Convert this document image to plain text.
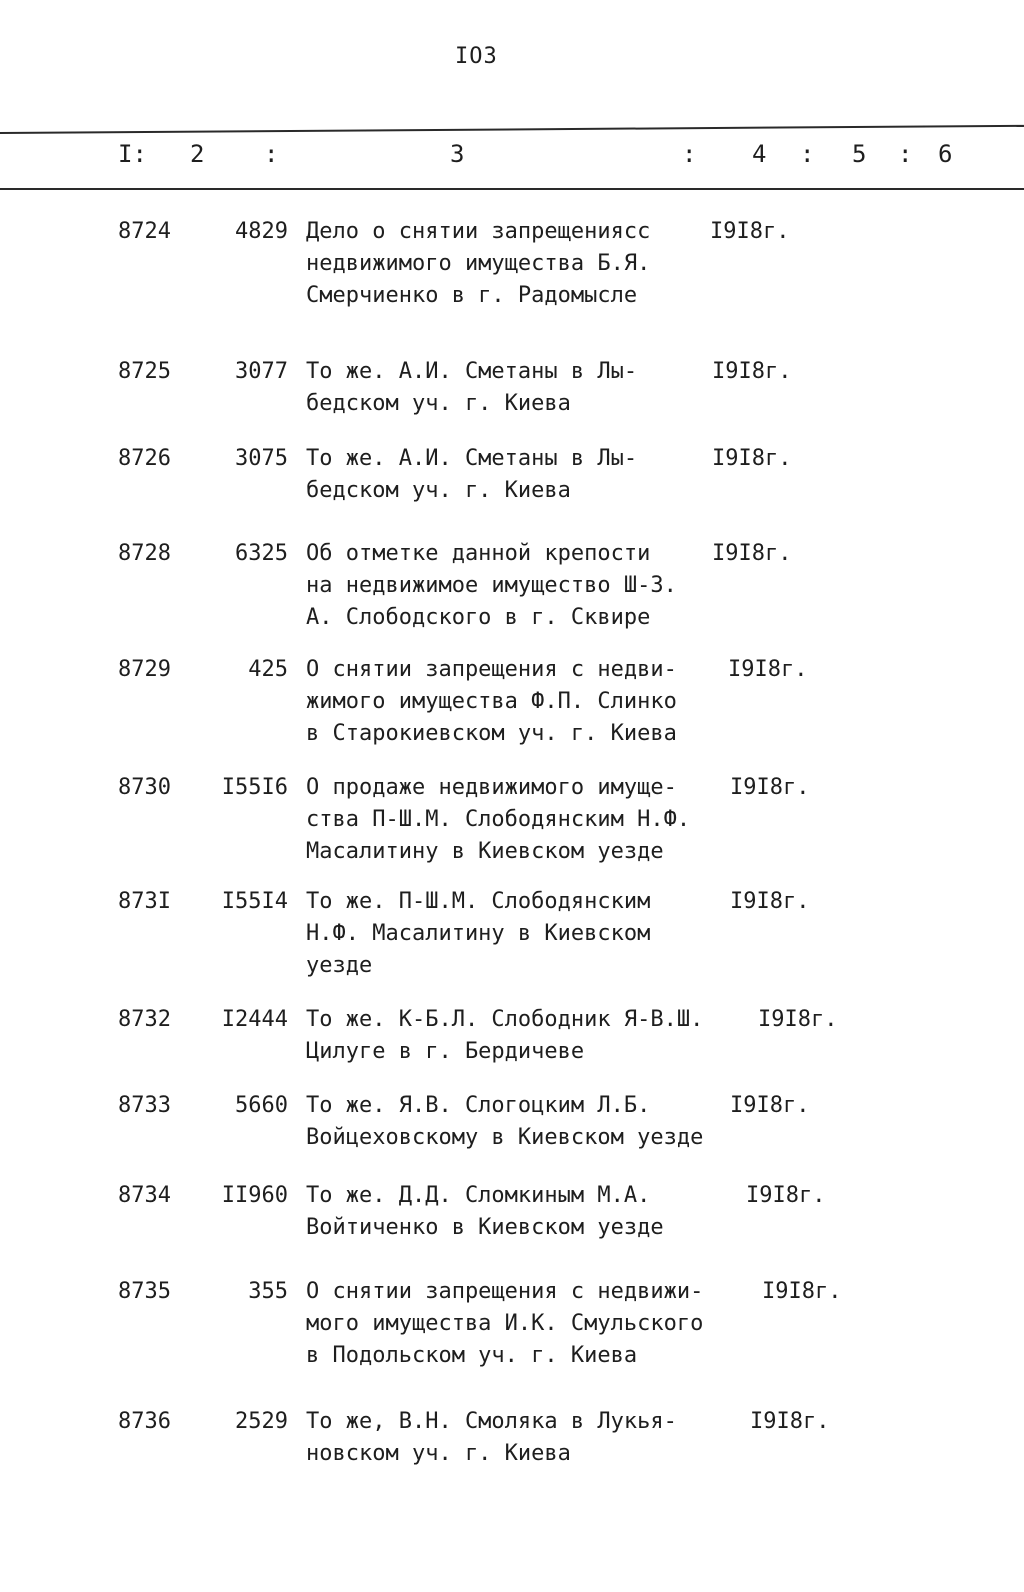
IO3
I: 2 :	3	: 4 : 5 : 6
8724	4829 Дело о снятии запрещениясс
недвижимого имущества Б.Я.
Смерчиенко в г. Радомысле
I9I8г.
8725	3077 То же. А.И. Сметаны в Лы-
бедском уч. г. Киева
I9I8г.
8726	3075 То же. А.И. Сметаны в Лы-
бедском уч. г. Киева
I9I8г.
8728	6325 Об отметке данной крепости
на недвижимое имущество Ш-З.
А. Слободского в г. Сквире
I9I8г.
8729	425 О снятии запрещения с недви-
жимого имущества Ф.П. Слинко
в Старокиевском уч. г. Киева
I9I8г.
8730	I55I6 О продаже недвижимого имуще-
ства П-Ш.М. Слободянским Н.Ф.
Масалитину в Киевском уезде
I9I8г.
873I	I55I4 То же. П-Ш.М. Слободянским
Н.Ф. Масалитину в Киевском
уезде
I9I8г.
8732	I2444 То же. К-Б.Л. Слободник Я-В.Ш.
Цилуге в г. Бердичеве
I9I8г.
8733	5660 То же. Я.В. Слогоцким Л.Б.
Войцеховскому в Киевском уезде
I9I8г.
8734	II960 То же. Д.Д. Сломкиным М.А.
Войтиченко в Киевском уезде
I9I8г.
8735	355 О снятии запрещения с недвижи-
мого имущества И.К. Смульского
в Подольском уч. г. Киева
I9I8г.
8736	2529 То же, В.Н. Смоляка в Лукья-
новском уч. г. Киева
I9I8г.
